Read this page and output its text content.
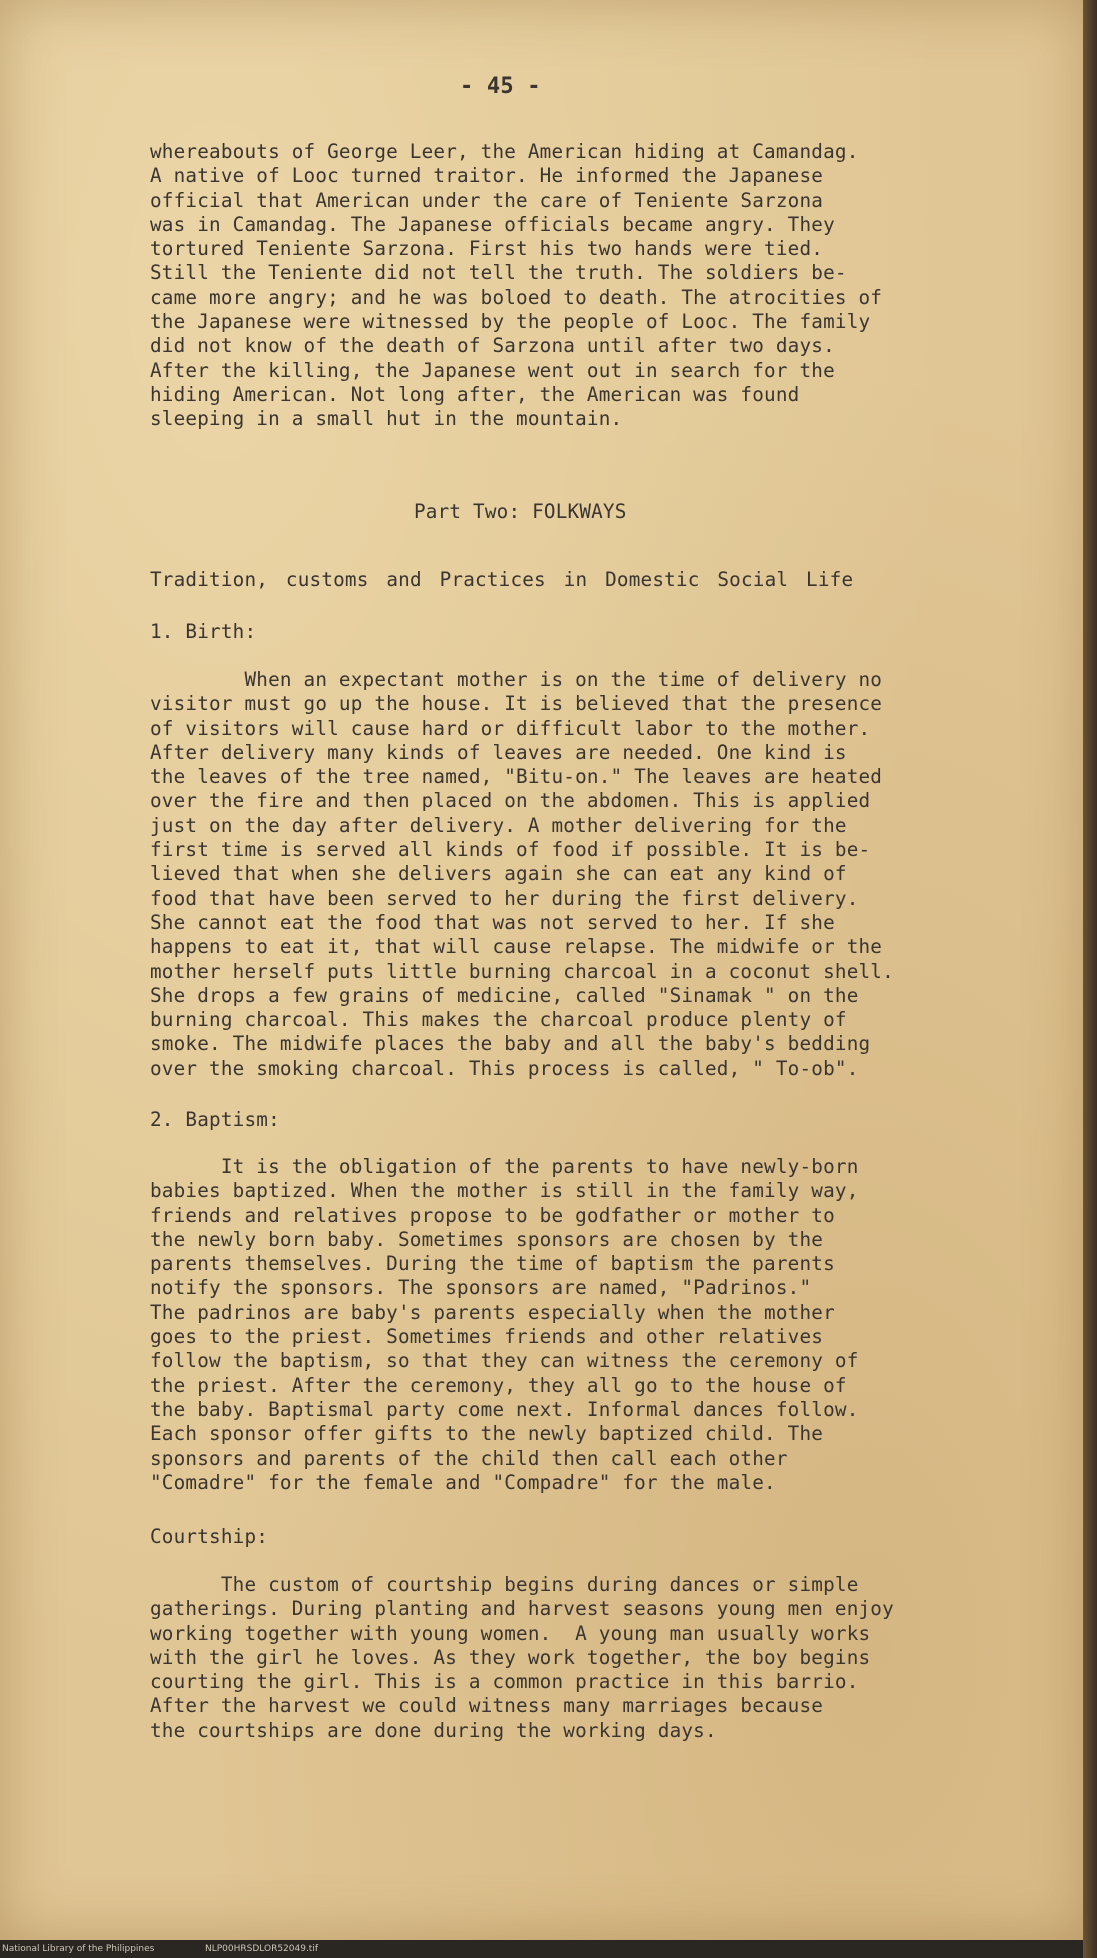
- 45 -
whereabouts of George Leer, the American hiding at Camandag.
A native of Looc turned traitor. He informed the Japanese
official that American under the care of Teniente Sarzona
was in Camandag. The Japanese officials became angry. They
tortured Teniente Sarzona. First his two hands were tied.
Still the Teniente did not tell the truth. The soldiers be-
came more angry; and he was boloed to death. The atrocities of
the Japanese were witnessed by the people of Looc. The family
did not know of the death of Sarzona until after two days.
After the killing, the Japanese went out in search for the
hiding American. Not long after, the American was found
sleeping in a small hut in the mountain.
Part Two: FOLKWAYS
Tradition, customs and Practices in Domestic Social Life
1. Birth:
When an expectant mother is on the time of delivery no
visitor must go up the house. It is believed that the presence
of visitors will cause hard or difficult labor to the mother.
After delivery many kinds of leaves are needed. One kind is
the leaves of the tree named, "Bitu-on." The leaves are heated
over the fire and then placed on the abdomen. This is applied
just on the day after delivery. A mother delivering for the
first time is served all kinds of food if possible. It is be-
lieved that when she delivers again she can eat any kind of
food that have been served to her during the first delivery.
She cannot eat the food that was not served to her. If she
happens to eat it, that will cause relapse. The midwife or the
mother herself puts little burning charcoal in a coconut shell.
She drops a few grains of medicine, called "Sinamak " on the
burning charcoal. This makes the charcoal produce plenty of
smoke. The midwife places the baby and all the baby's bedding
over the smoking charcoal. This process is called, " To-ob".
2. Baptism:
It is the obligation of the parents to have newly-born
babies baptized. When the mother is still in the family way,
friends and relatives propose to be godfather or mother to
the newly born baby. Sometimes sponsors are chosen by the
parents themselves. During the time of baptism the parents
notify the sponsors. The sponsors are named, "Padrinos."
The padrinos are baby's parents especially when the mother
goes to the priest. Sometimes friends and other relatives
follow the baptism, so that they can witness the ceremony of
the priest. After the ceremony, they all go to the house of
the baby. Baptismal party come next. Informal dances follow.
Each sponsor offer gifts to the newly baptized child. The
sponsors and parents of the child then call each other
"Comadre" for the female and "Compadre" for the male.
Courtship:
The custom of courtship begins during dances or simple
gatherings. During planting and harvest seasons young men enjoy
working together with young women.  A young man usually works
with the girl he loves. As they work together, the boy begins
courting the girl. This is a common practice in this barrio.
After the harvest we could witness many marriages because
the courtships are done during the working days.
National Library of the Philippines	NLP00HRSDLOR52049.tif
